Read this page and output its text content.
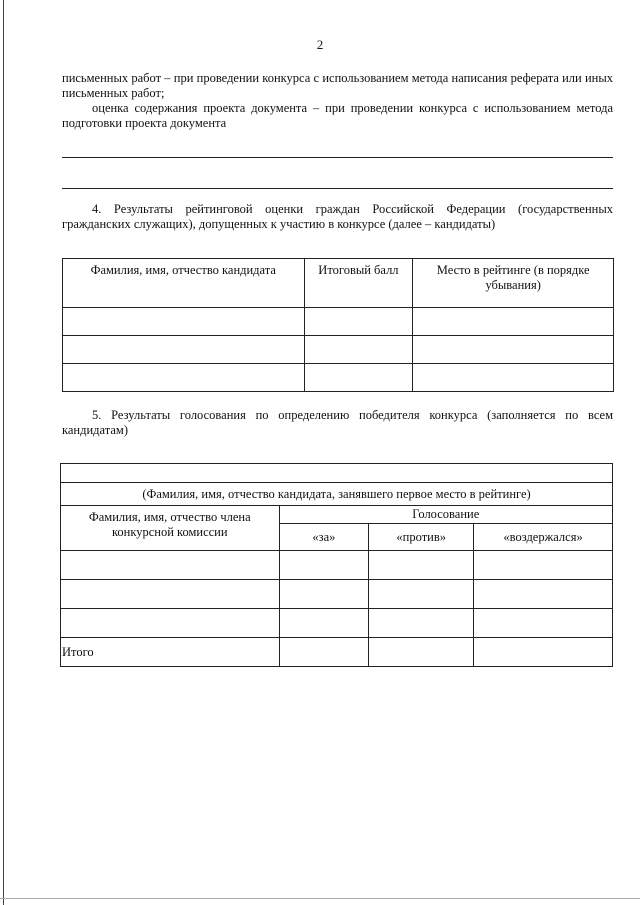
2
письменных работ – при проведении конкурса с использованием метода написания реферата или иных письменных работ;
оценка содержания проекта документа – при проведении конкурса с использованием метода подготовки проекта документа
4. Результаты рейтинговой оценки граждан Российской Федерации (государственных гражданских служащих), допущенных к участию в конкурсе (далее – кандидаты)
Фамилия, имя, отчество кандидата	Итоговый балл	Место в рейтинге (в порядке убывания)

5. Результаты голосования по определению победителя конкурса (заполняется по всем кандидатам)

(Фамилия, имя, отчество кандидата, занявшего первое место в рейтинге)			
Фамилия, имя, отчество члена конкурсной комиссии	Голосование		
	«за»	«против»	«воздержался»

Итого			
